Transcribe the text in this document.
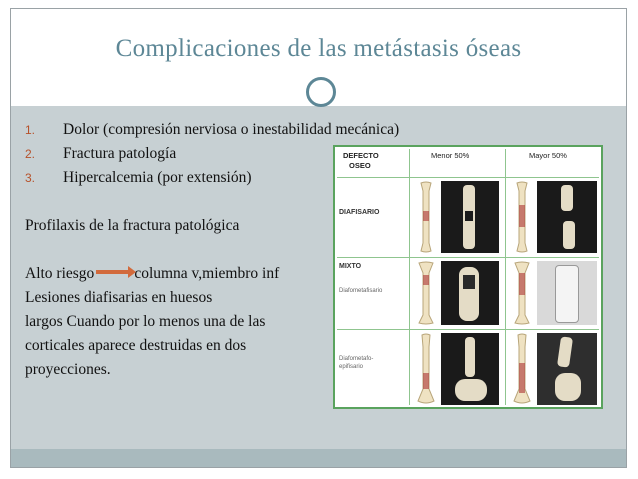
Complicaciones de las metástasis óseas
1.	Dolor (compresión nerviosa o inestabilidad mecánica)
2.	Fractura patología
3.	Hipercalcemia (por extensión)
Profilaxis de la fractura patológica
Alto riesgo	columna v,miembro inf
Lesiones diafisarias en huesos
largos Cuando por lo menos una de las
corticales aparece destruidas en dos
proyecciones.
DEFECTO
OSEO
Menor 50%	Mayor 50%
DIAFISARIO
MIXTO
Diafometafisario
Diafometafo-
epifisario
